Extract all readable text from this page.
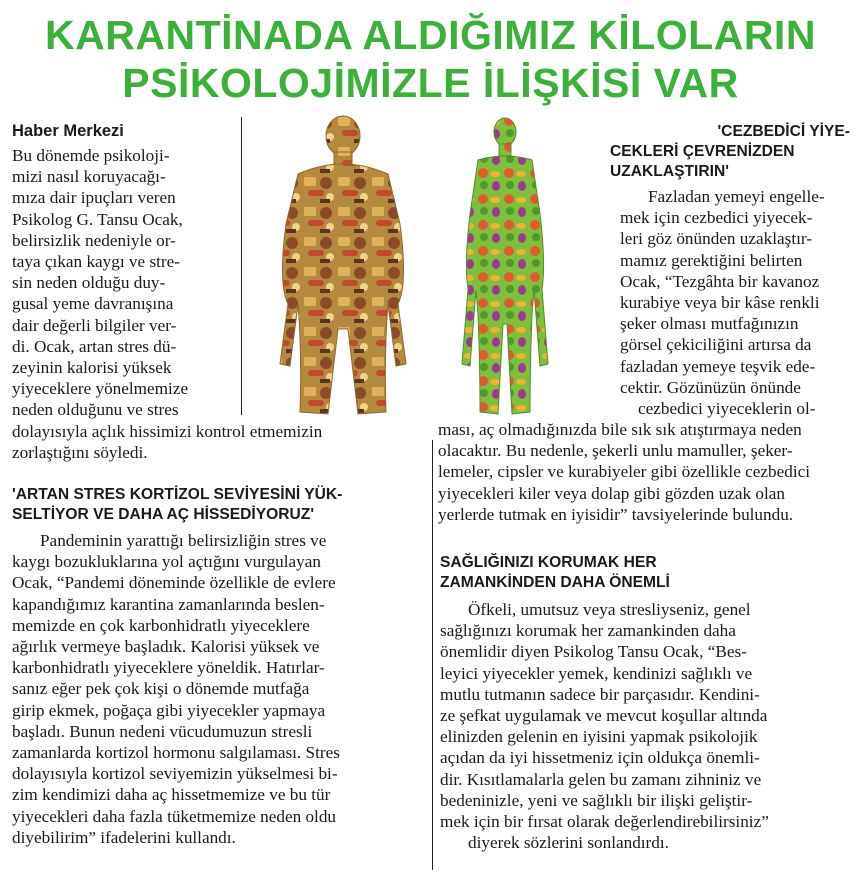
KARANTİNADA ALDIĞIMIZ KİLOLARIN
PSİKOLOJİMİZLE İLİŞKİSİ VAR
Haber Merkezi
Bu dönemde psikoloji-
mizi nasıl koruyacağı-
mıza dair ipuçları veren
Psikolog G. Tansu Ocak,
belirsizlik nedeniyle or-
taya çıkan kaygı ve stre-
sin neden olduğu duy-
gusal yeme davranışına
dair değerli bilgiler ver-
di. Ocak, artan stres dü-
zeyinin kalorisi yüksek
yiyeceklere yönelmemize
neden olduğunu ve stres
dolayısıyla açlık hissimizi kontrol etmemizin
zorlaştığını söyledi.
'CEZBEDİCİ YİYE-
CEKLERİ ÇEVRENİZDEN
UZAKLAŞTIRIN'
Fazladan yemeyi engelle-
mek için cezbedici yiyecek-
leri göz önünden uzaklaştır-
mamız gerektiğini belirten
Ocak, “Tezgâhta bir kavanoz
kurabiye veya bir kâse renkli
şeker olması mutfağınızın
görsel çekiciliğini artırsa da
fazladan yemeye teşvik ede-
cektir. Gözünüzün önünde
cezbedici yiyeceklerin ol-
ması, aç olmadığınızda bile sık sık atıştırmaya neden
olacaktır. Bu nedenle, şekerli unlu mamuller, şeker-
lemeler, cipsler ve kurabiyeler gibi özellikle cezbedici
yiyecekleri kiler veya dolap gibi gözden uzak olan
yerlerde tutmak en iyisidir” tavsiyelerinde bulundu.
'ARTAN STRES KORTİZOL SEVİYESİNİ YÜK-
SELTİYOR VE DAHA AÇ HİSSEDİYORUZ'
Pandeminin yarattığı belirsizliğin stres ve
kaygı bozukluklarına yol açtığını vurgulayan
Ocak, “Pandemi döneminde özellikle de evlere
kapandığımız karantina zamanlarında beslen-
memizde en çok karbonhidratlı yiyeceklere
ağırlık vermeye başladık. Kalorisi yüksek ve
karbonhidratlı yiyeceklere yöneldik. Hatırlar-
sanız eğer pek çok kişi o dönemde mutfağa
girip ekmek, poğaça gibi yiyecekler yapmaya
başladı. Bunun nedeni vücudumuzun stresli
zamanlarda kortizol hormonu salgılaması. Stres
dolayısıyla kortizol seviyemizin yükselmesi bi-
zim kendimizi daha aç hissetmemize ve bu tür
yiyecekleri daha fazla tüketmemize neden oldu
diyebilirim” ifadelerini kullandı.
SAĞLIĞINIZI KORUMAK HER
ZAMANKİNDEN DAHA ÖNEMLİ
Öfkeli, umutsuz veya stresliyseniz, genel
sağlığınızı korumak her zamankinden daha
önemlidir diyen Psikolog Tansu Ocak, “Bes-
leyici yiyecekler yemek, kendinizi sağlıklı ve
mutlu tutmanın sadece bir parçasıdır. Kendini-
ze şefkat uygulamak ve mevcut koşullar altında
elinizden gelenin en iyisini yapmak psikolojik
açıdan da iyi hissetmeniz için oldukça önemli-
dir. Kısıtlamalarla gelen bu zamanı zihniniz ve
bedeninizle, yeni ve sağlıklı bir ilişki geliştir-
mek için bir fırsat olarak değerlendirebilirsiniz”
diyerek sözlerini sonlandırdı.
